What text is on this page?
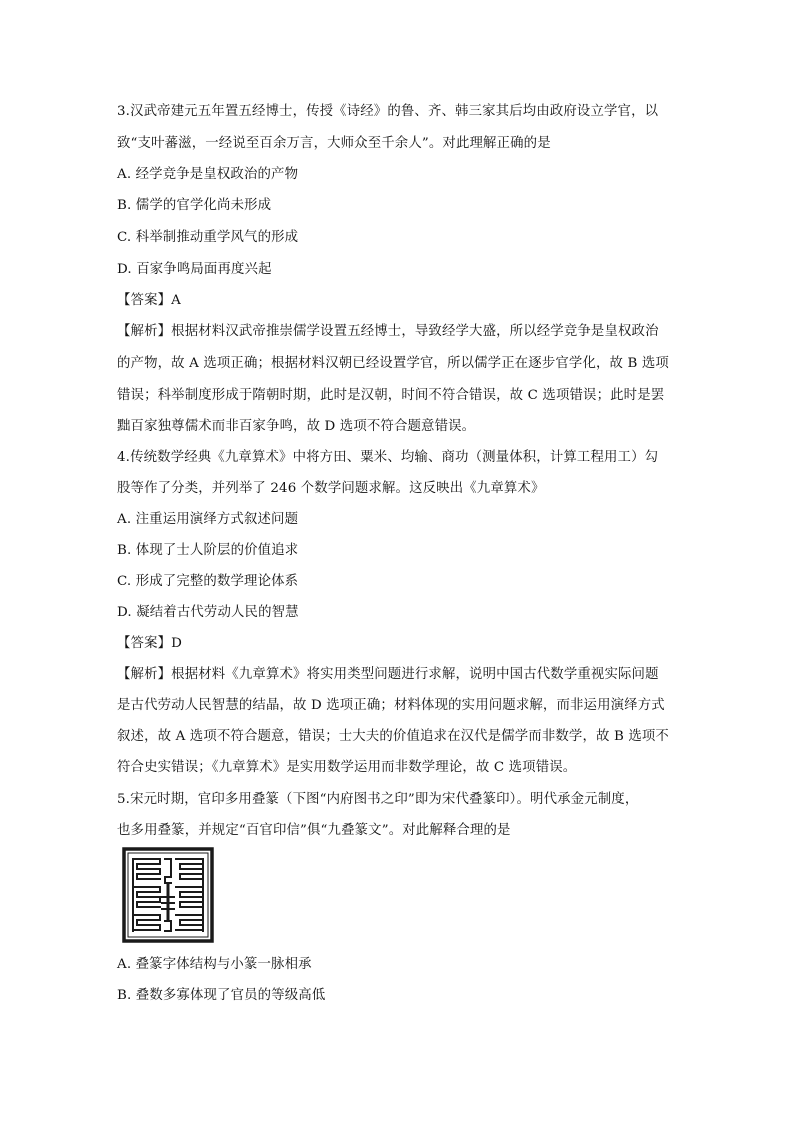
3.汉武帝建元五年置五经博士，传授《诗经》的鲁、齐、韩三家其后均由政府设立学官，以

致“支叶蕃滋，一经说至百余万言，大师众至千余人”。对此理解正确的是

A. 经学竞争是皇权政治的产物

B. 儒学的官学化尚未形成

C. 科举制推动重学风气的形成

D. 百家争鸣局面再度兴起

【答案】A

【解析】根据材料汉武帝推崇儒学设置五经博士，导致经学大盛，所以经学竞争是皇权政治

的产物，故 A 选项正确；根据材料汉朝已经设置学官，所以儒学正在逐步官学化，故 B 选项

错误；科举制度形成于隋朝时期，此时是汉朝，时间不符合错误，故 C 选项错误；此时是罢

黜百家独尊儒术而非百家争鸣，故 D 选项不符合题意错误。

4.传统数学经典《九章算术》中将方田、粟米、均输、商功（测量体积，计算工程用工）勾

股等作了分类，并列举了 246 个数学问题求解。这反映出《九章算术》

A. 注重运用演绎方式叙述问题

B. 体现了士人阶层的价值追求

C. 形成了完整的数学理论体系

D. 凝结着古代劳动人民的智慧

【答案】D

【解析】根据材料《九章算术》将实用类型问题进行求解，说明中国古代数学重视实际问题

是古代劳动人民智慧的结晶，故 D 选项正确；材料体现的实用问题求解，而非运用演绎方式

叙述，故 A 选项不符合题意，错误；士大夫的价值追求在汉代是儒学而非数学，故 B 选项不

符合史实错误；《九章算术》是实用数学运用而非数学理论，故 C 选项错误。

5.宋元时期，官印多用叠篆（下图“内府图书之印”即为宋代叠篆印）。明代承金元制度，

也多用叠篆，并规定“百官印信”俱“九叠篆文”。对此解释合理的是

A. 叠篆字体结构与小篆一脉相承

B. 叠数多寡体现了官员的等级高低
